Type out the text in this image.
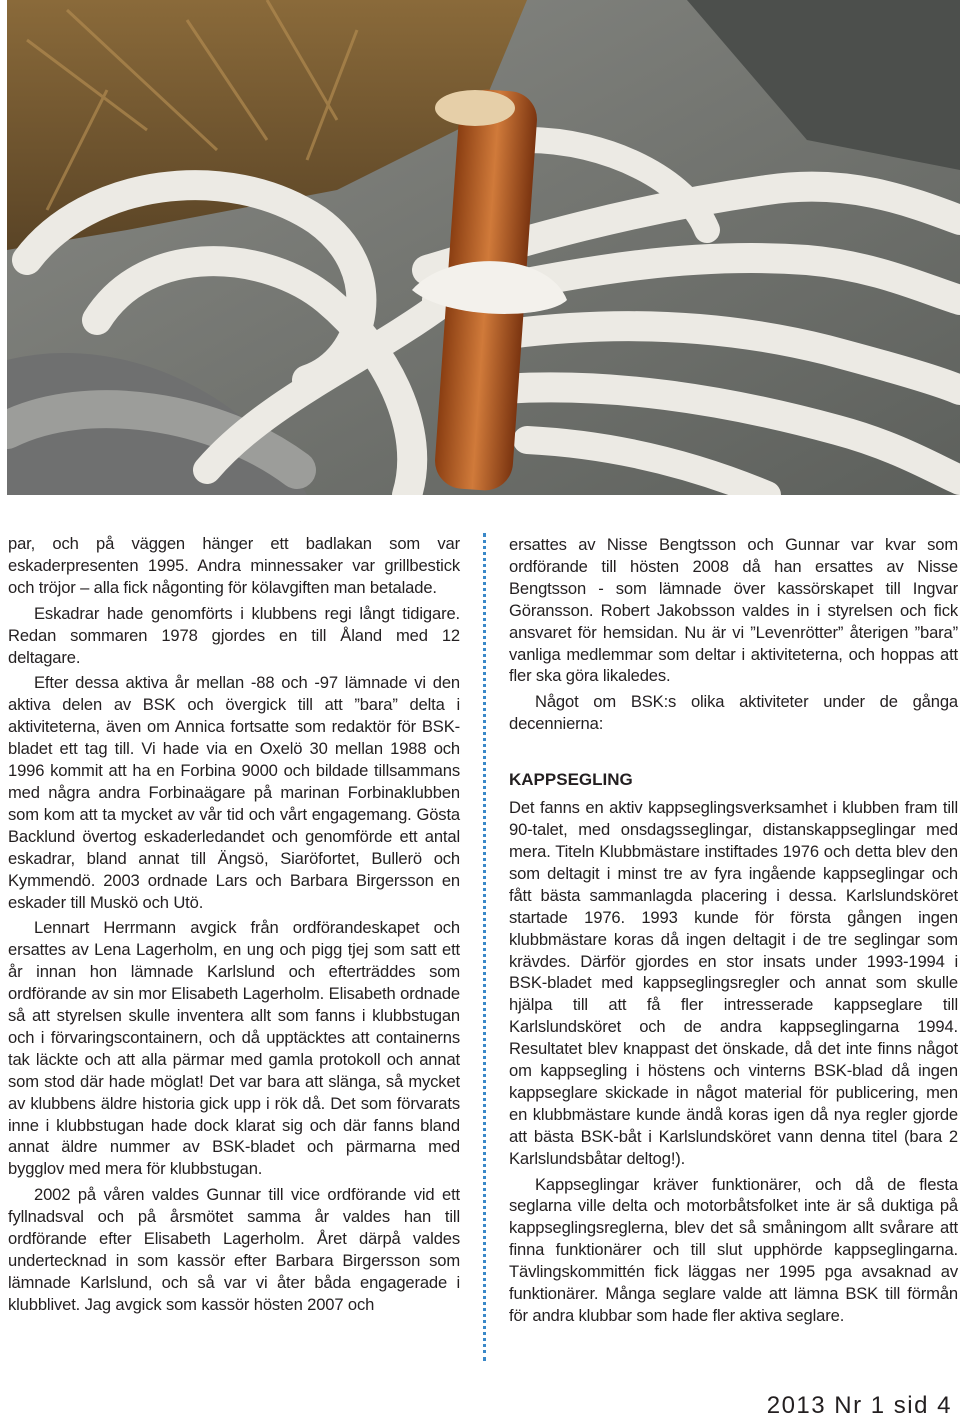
par, och på väggen hänger ett badlakan som var eskaderpresenten 1995. Andra minnessaker var grillbestick och tröjor – alla fick någonting för kölavgiften man betalade.

Eskadrar hade genomförts i klubbens regi långt tidigare. Redan sommaren 1978 gjordes en till Åland med 12 deltagare.

Efter dessa aktiva år mellan -88 och -97 lämnade vi den aktiva delen av BSK och övergick till att ”bara” delta i aktiviteterna, även om Annica fortsatte som redaktör för BSK-bladet ett tag till. Vi hade via en Oxelö 30 mellan 1988 och 1996 kommit att ha en Forbina 9000 och bildade tillsammans med några andra Forbinaägare på marinan Forbinaklubben som kom att ta mycket av vår tid och vårt engagemang. Gösta Backlund övertog eskaderledandet och genomförde ett antal eskadrar, bland annat till Ängsö, Siaröfortet, Bullerö och Kymmendö. 2003 ordnade Lars och Barbara Birgersson en eskader till Muskö och Utö.

Lennart Herrmann avgick från ordförandeskapet och ersattes av Lena Lagerholm, en ung och pigg tjej som satt ett år innan hon lämnade Karlslund och efterträddes som ordförande av sin mor Elisabeth Lagerholm. Elisabeth ordnade så att styrelsen skulle inventera allt som fanns i klubbstugan och i förvaringscontainern, och då upptäcktes att containerns tak läckte och att alla pärmar med gamla protokoll och annat som stod där hade möglat! Det var bara att slänga, så mycket av klubbens äldre historia gick upp i rök då. Det som förvarats inne i klubbstugan hade dock klarat sig och där fanns bland annat äldre nummer av BSK-bladet och pärmarna med bygglov med mera för klubbstugan.

2002 på våren valdes Gunnar till vice ordförande vid ett fyllnadsval och på årsmötet samma år valdes han till ordförande efter Elisabeth Lagerholm. Året därpå valdes undertecknad in som kassör efter Barbara Birgersson som lämnade Karlslund, och så var vi åter båda engagerade i klubblivet. Jag avgick som kassör hösten 2007 och

ersattes av Nisse Bengtsson och Gunnar var kvar som ordförande till hösten 2008 då han ersattes av Nisse Bengtsson - som lämnade över kassörskapet till Ingvar Göransson. Robert Jakobsson valdes in i styrelsen och fick ansvaret för hemsidan. Nu är vi ”Levenrötter” återigen ”bara” vanliga medlemmar som deltar i aktiviteterna, och hoppas att fler ska göra likaledes.

Något om BSK:s olika aktiviteter under de gånga decennierna:

KAPPSEGLING

Det fanns en aktiv kappseglingsverksamhet i klubben fram till 90-talet, med onsdagsseglingar, distanskappseglingar med mera. Titeln Klubbmästare instiftades 1976 och detta blev den som deltagit i minst tre av fyra ingående kappseglingar och fått bästa sammanlagda placering i dessa. Karlslundsköret startade 1976. 1993 kunde för första gången ingen klubbmästare koras då ingen deltagit i de tre seglingar som krävdes. Därför gjordes en stor insats under 1993-1994 i BSK-bladet med kappseglingsregler och annat som skulle hjälpa till att få fler intresserade kappseglare till Karlslundsköret och de andra kappseglingarna 1994. Resultatet blev knappast det önskade, då det inte finns något om kappsegling i höstens och vinterns BSK-blad då ingen kappseglare skickade in något material för publicering, men en klubbmästare kunde ändå koras igen då nya regler gjorde att bästa BSK-båt i Karlslundsköret vann denna titel (bara 2 Karlslundsbåtar deltog!).

Kappseglingar kräver funktionärer, och då de flesta seglarna ville delta och motorbåtsfolket inte är så duktiga på kappseglingsreglerna, blev det så småningom allt svårare att finna funktionärer och till slut upphörde kappseglingarna. Tävlingskommittén fick läggas ner 1995 pga avsaknad av funktionärer. Många seglare valde att lämna BSK till förmån för andra klubbar som hade fler aktiva seglare.

2013 Nr 1 sid 4
